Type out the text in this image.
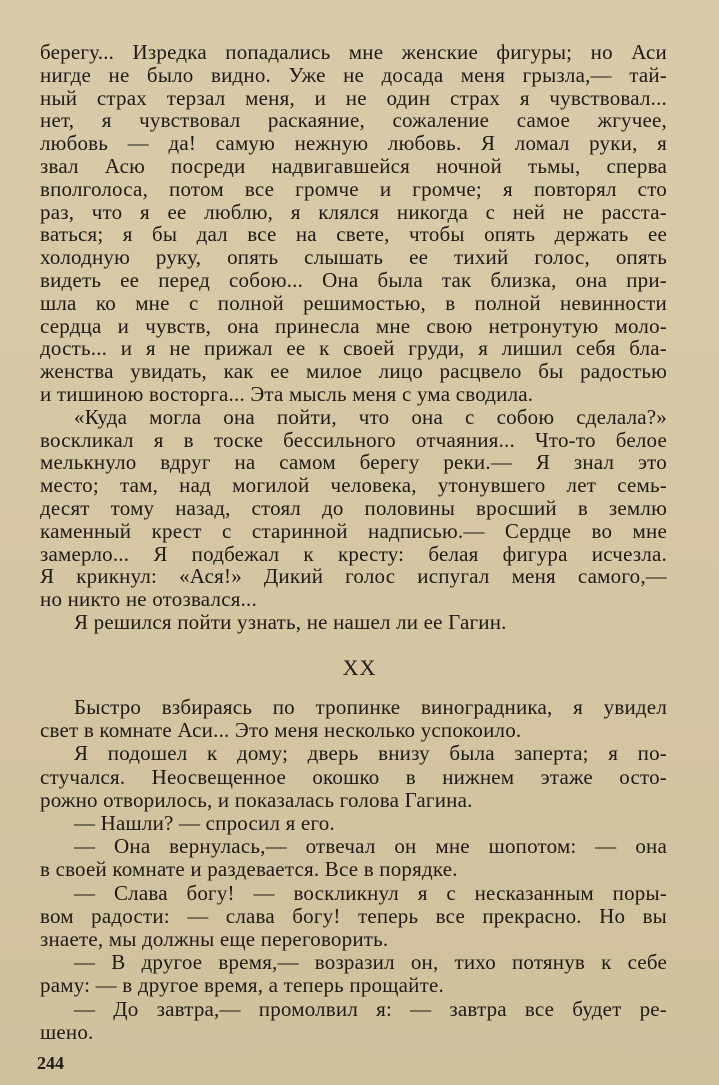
берегу... Изредка попадались мне женские фигуры; но Аси
нигде не было видно. Уже не досада меня грызла,— тай-
ный страх терзал меня, и не один страх я чувствовал...
нет, я чувствовал раскаяние, сожаление самое жгучее,
любовь — да! самую нежную любовь. Я ломал руки, я
звал Асю посреди надвигавшейся ночной тьмы, сперва
вполголоса, потом все громче и громче; я повторял сто
раз, что я ее люблю, я клялся никогда с ней не расста-
ваться; я бы дал все на свете, чтобы опять держать ее
холодную руку, опять слышать ее тихий голос, опять
видеть ее перед собою... Она была так близка, она при-
шла ко мне с полной решимостью, в полной невинности
сердца и чувств, она принесла мне свою нетронутую моло-
дость... и я не прижал ее к своей груди, я лишил себя бла-
женства увидать, как ее милое лицо расцвело бы радостью
и тишиною восторга... Эта мысль меня с ума сводила.
«Куда могла она пойти, что она с собою сделала?»
воскликал я в тоске бессильного отчаяния... Что-то белое
мелькнуло вдруг на самом берегу реки.— Я знал это
место; там, над могилой человека, утонувшего лет семь-
десят тому назад, стоял до половины вросший в землю
каменный крест с старинной надписью.— Сердце во мне
замерло... Я подбежал к кресту: белая фигура исчезла.
Я крикнул: «Ася!» Дикий голос испугал меня самого,—
но никто не отозвался...
Я решился пойти узнать, не нашел ли ее Гагин.
Быстро взбираясь по тропинке виноградника, я увидел
свет в комнате Аси... Это меня несколько успокоило.
Я подошел к дому; дверь внизу была заперта; я по-
стучался. Неосвещенное окошко в нижнем этаже осто-
рожно отворилось, и показалась голова Гагина.
— Нашли? — спросил я его.
— Она вернулась,— отвечал он мне шопотом: — она
в своей комнате и раздевается. Все в порядке.
— Слава богу! — воскликнул я с несказанным поры-
вом радости: — слава богу! теперь все прекрасно. Но вы
знаете, мы должны еще переговорить.
— В другое время,— возразил он, тихо потянув к себе
раму: — в другое время, а теперь прощайте.
— До завтра,— промолвил я: — завтра все будет ре-
шено.
XX
244
